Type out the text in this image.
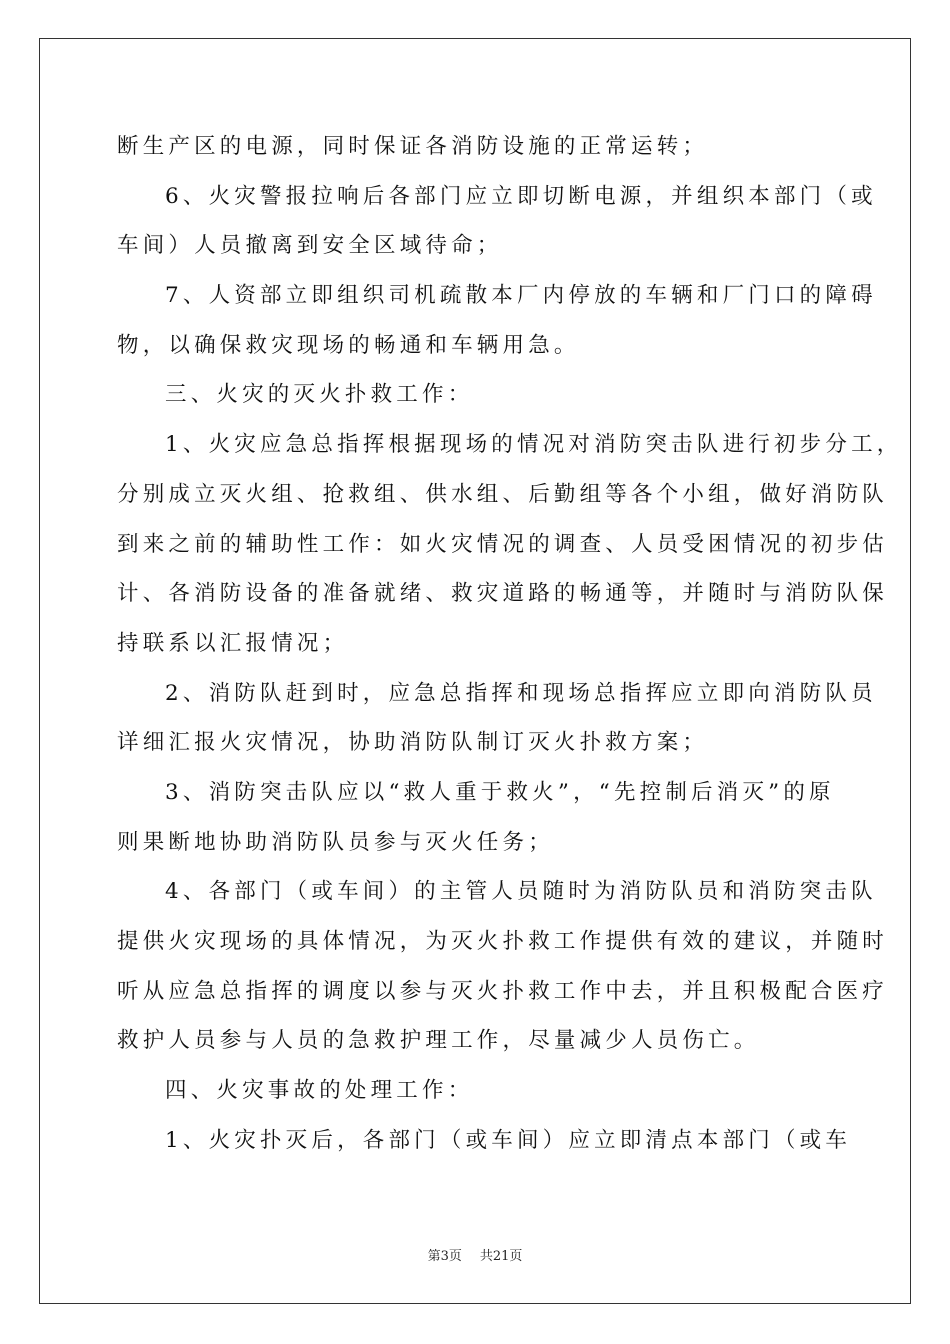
断生产区的电源，同时保证各消防设施的正常运转；
6、火灾警报拉响后各部门应立即切断电源，并组织本部门（或
车间）人员撤离到安全区域待命；
7、人资部立即组织司机疏散本厂内停放的车辆和厂门口的障碍
物，以确保救灾现场的畅通和车辆用急。
三、火灾的灭火扑救工作：
1、火灾应急总指挥根据现场的情况对消防突击队进行初步分工，
分别成立灭火组、抢救组、供水组、后勤组等各个小组，做好消防队
到来之前的辅助性工作：如火灾情况的调查、人员受困情况的初步估
计、各消防设备的准备就绪、救灾道路的畅通等，并随时与消防队保
持联系以汇报情况；
2、消防队赶到时，应急总指挥和现场总指挥应立即向消防队员
详细汇报火灾情况，协助消防队制订灭火扑救方案；
3、消防突击队应以“救人重于救火”，“先控制后消灭”的原
则果断地协助消防队员参与灭火任务；
4、各部门（或车间）的主管人员随时为消防队员和消防突击队
提供火灾现场的具体情况，为灭火扑救工作提供有效的建议，并随时
听从应急总指挥的调度以参与灭火扑救工作中去，并且积极配合医疗
救护人员参与人员的急救护理工作，尽量减少人员伤亡。
四、火灾事故的处理工作：
1、火灾扑灭后，各部门（或车间）应立即清点本部门（或车
第3页 共21页
